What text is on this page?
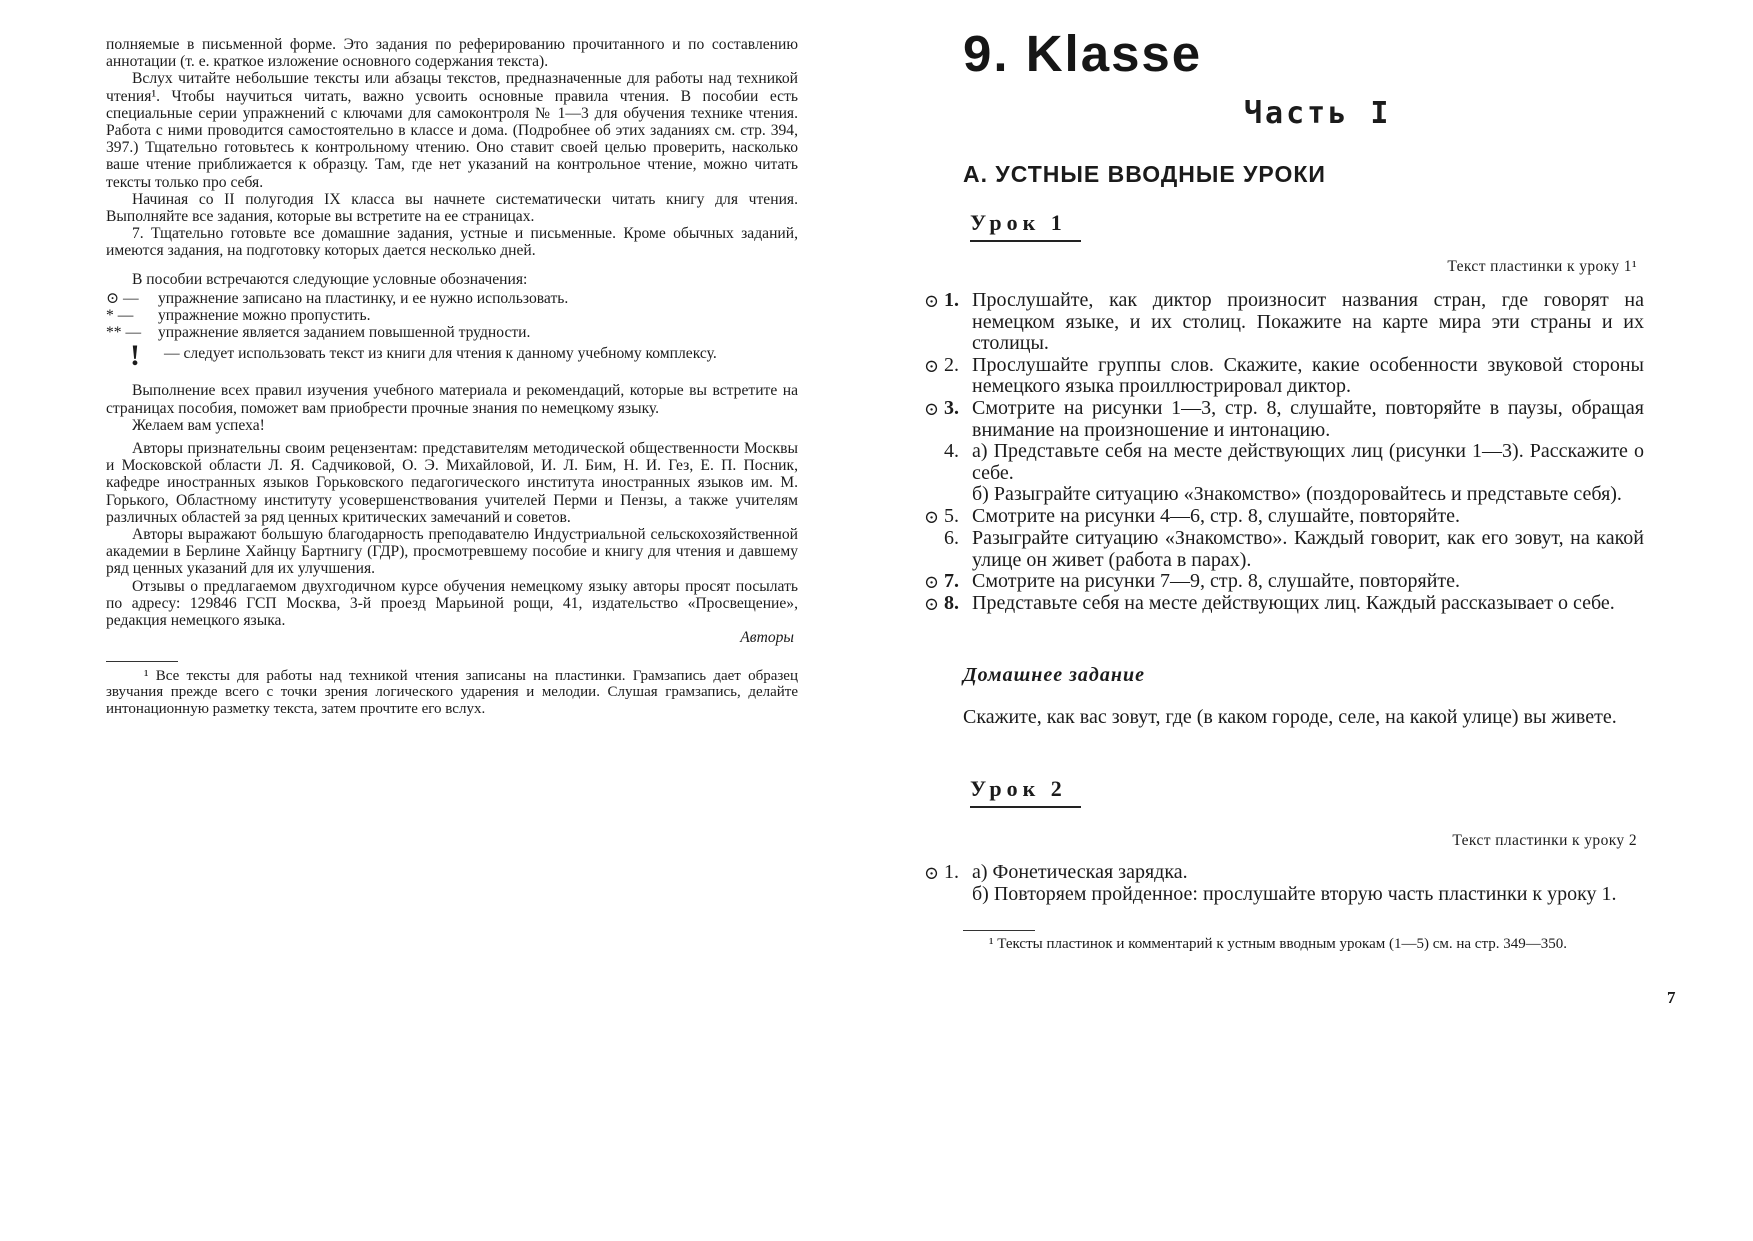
полняемые в письменной форме. Это задания по реферированию прочитанного и по составлению аннотации (т. е. краткое изложение основного содержания текста).

Вслух читайте небольшие тексты или абзацы текстов, предназначенные для работы над техникой чтения¹. Чтобы научиться читать, важно усвоить основные правила чтения. В пособии есть специальные серии упражнений с ключами для самоконтроля № 1—3 для обучения технике чтения. Работа с ними проводится самостоятельно в классе и дома. (Подробнее об этих заданиях см. стр. 394, 397.) Тщательно готовьтесь к контрольному чтению. Оно ставит своей целью проверить, насколько ваше чтение приближается к образцу. Там, где нет указаний на контрольное чтение, можно читать тексты только про себя.

Начиная со II полугодия IX класса вы начнете систематически читать книгу для чтения. Выполняйте все задания, которые вы встретите на ее страницах.

7. Тщательно готовьте все домашние задания, устные и письменные. Кроме обычных заданий, имеются задания, на подготовку которых дается несколько дней.

В пособии встречаются следующие условные обозначения:

⊙ —	упражнение записано на пластинку, и ее нужно использовать.
* —	упражнение можно пропустить.
** —	упражнение является заданием повышенной трудности.
!	— следует использовать текст из книги для чтения к данному учебному комплексу.

Выполнение всех правил изучения учебного материала и рекомендаций, которые вы встретите на страницах пособия, поможет вам приобрести прочные знания по немецкому языку.

Желаем вам успеха!

Авторы признательны своим рецензентам: представителям методической общественности Москвы и Московской области Л. Я. Садчиковой, О. Э. Михайловой, И. Л. Бим, Н. И. Гез, Е. П. Посник, кафедре иностранных языков Горьковского педагогического института иностранных языков им. М. Горького, Областному институту усовершенствования учителей Перми и Пензы, а также учителям различных областей за ряд ценных критических замечаний и советов.

Авторы выражают большую благодарность преподавателю Индустриальной сельскохозяйственной академии в Берлине Хайнцу Бартнигу (ГДР), просмотревшему пособие и книгу для чтения и давшему ряд ценных указаний для их улучшения.

Отзывы о предлагаемом двухгодичном курсе обучения немецкому языку авторы просят посылать по адресу: 129846 ГСП Москва, 3-й проезд Марьиной рощи, 41, издательство «Просвещение», редакция немецкого языка.

Авторы

¹ Все тексты для работы над техникой чтения записаны на пластинки. Грамзапись дает образец звучания прежде всего с точки зрения логического ударения и мелодии. Слушая грамзапись, делайте интонационную разметку текста, затем прочтите его вслух.

9. Klasse
Часть I
А. УСТНЫЕ ВВОДНЫЕ УРОКИ
Урок 1

Текст пластинки к уроку 1¹

⊙ 1. Прослушайте, как диктор произносит названия стран, где говорят на немецком языке, и их столиц. Покажите на карте мира эти страны и их столицы.

⊙ 2. Прослушайте группы слов. Скажите, какие особенности звуковой стороны немецкого языка проиллюстрировал диктор.

⊙ 3. Смотрите на рисунки 1—3, стр. 8, слушайте, повторяйте в паузы, обращая внимание на произношение и интонацию.

4. а) Представьте себя на месте действующих лиц (рисунки 1—3). Расскажите о себе.

б) Разыграйте ситуацию «Знакомство» (поздоровайтесь и представьте себя).

⊙ 5. Смотрите на рисунки 4—6, стр. 8, слушайте, повторяйте.

6. Разыграйте ситуацию «Знакомство». Каждый говорит, как его зовут, на какой улице он живет (работа в парах).

⊙ 7. Смотрите на рисунки 7—9, стр. 8, слушайте, повторяйте.

⊙ 8. Представьте себя на месте действующих лиц. Каждый рассказывает о себе.

Домашнее задание

Скажите, как вас зовут, где (в каком городе, селе, на какой улице) вы живете.

Урок 2

Текст пластинки к уроку 2

⊙ 1. а) Фонетическая зарядка.

б) Повторяем пройденное: прослушайте вторую часть пластинки к уроку 1.

¹ Тексты пластинок и комментарий к устным вводным урокам (1—5) см. на стр. 349—350.

7
